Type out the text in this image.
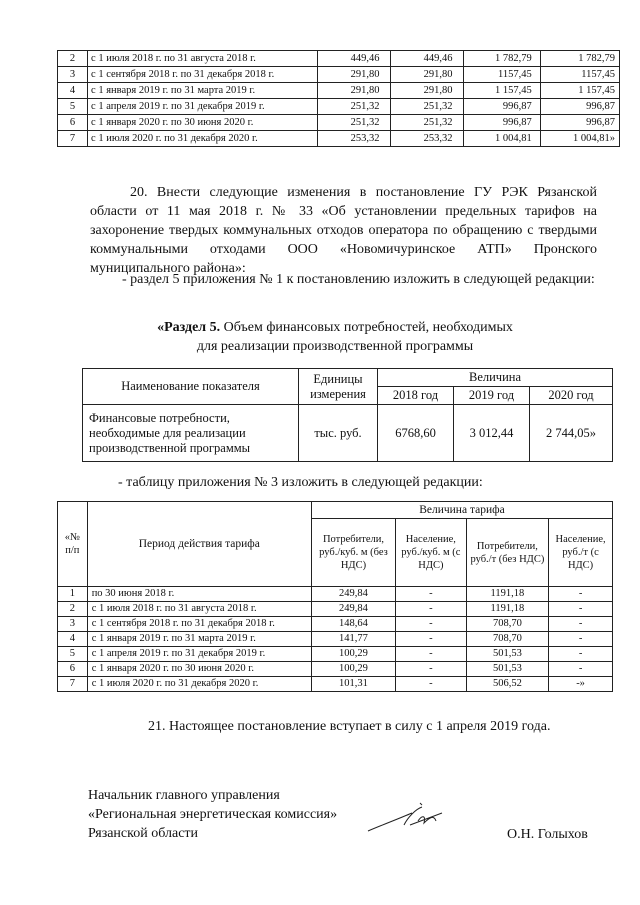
2	с 1 июля 2018 г. по 31 августа 2018 г.	449,46	449,46	1 782,79	1 782,79
3	с 1 сентября 2018 г. по 31 декабря 2018 г.	291,80	291,80	1157,45	1157,45
4	с 1 января 2019 г. по 31 марта 2019 г.	291,80	291,80	1 157,45	1 157,45
5	с 1 апреля 2019 г. по 31 декабря 2019 г.	251,32	251,32	996,87	996,87
6	с 1 января 2020 г. по 30 июня 2020 г.	251,32	251,32	996,87	996,87
7	с 1 июля 2020 г. по 31 декабря 2020 г.	253,32	253,32	1 004,81	1 004,81»
20. Внести следующие изменения в постановление ГУ РЭК Рязанской области от 11 мая 2018 г. № 33 «Об установлении предельных тарифов на захоронение твердых коммунальных отходов оператора по обращению с твердыми коммунальными отходами ООО «Новомичуринское АТП» Пронского муниципального района»:
- раздел 5 приложения № 1 к постановлению изложить в следующей редакции:
«Раздел 5. Объем финансовых потребностей, необходимых
для реализации производственной программы
Наименование показателя	Единицы измерения	Величина		
		2018 год	2019 год	2020 год
Финансовые потребности, необходимые для реализации производственной программы	тыс. руб.	6768,60	3 012,44	2 744,05»
- таблицу приложения № 3 изложить в следующей редакции:
«№ п/п	Период действия тарифа	Величина тарифа			
		Потребители, руб./куб. м (без НДС)	Население, руб./куб. м (с НДС)	Потребители, руб./т (без НДС)	Население, руб./т (с НДС)
1	по 30 июня 2018 г.	249,84	-	1191,18	-
2	с 1 июля 2018 г. по 31 августа 2018 г.	249,84	-	1191,18	-
3	с 1 сентября 2018 г. по 31 декабря 2018 г.	148,64	-	708,70	-
4	с 1 января 2019 г. по 31 марта 2019 г.	141,77	-	708,70	-
5	с 1 апреля 2019 г. по 31 декабря 2019 г.	100,29	-	501,53	-
6	с 1 января 2020 г. по 30 июня 2020 г.	100,29	-	501,53	-
7	с 1 июля 2020 г. по 31 декабря 2020 г.	101,31	-	506,52	-»
21. Настоящее постановление вступает в силу с 1 апреля 2019 года.
Начальник главного управления
«Региональная энергетическая комиссия»
Рязанской области	О.Н. Голыхов
